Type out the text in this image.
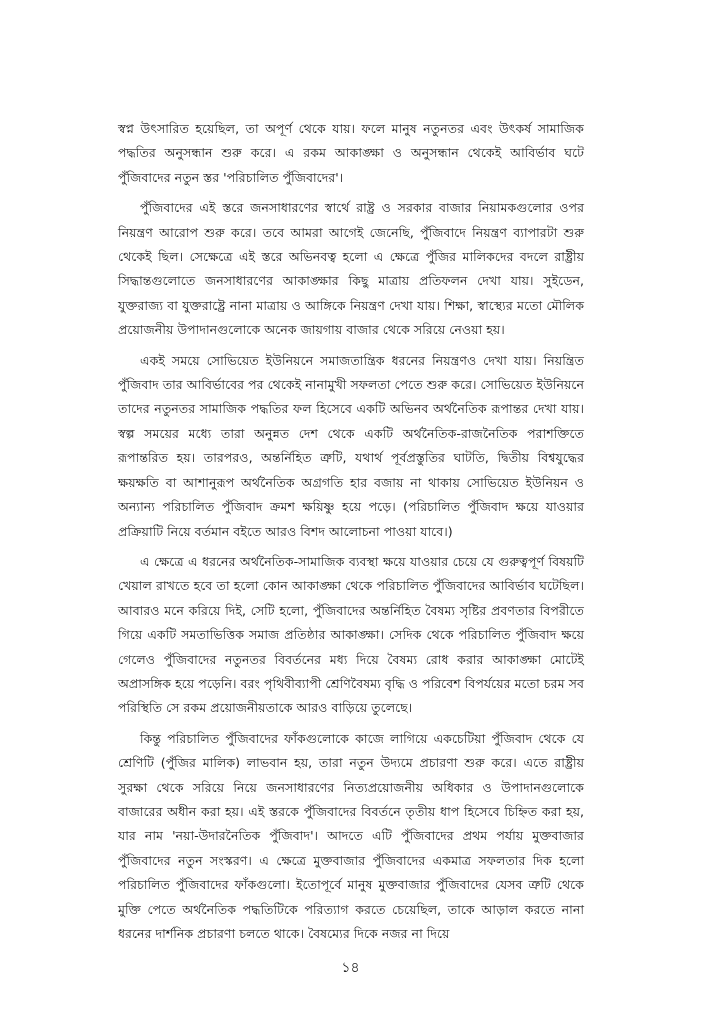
স্বপ্ন উৎসারিত হয়েছিল, তা অপূর্ণ থেকে যায়। ফলে মানুষ নতুনতর এবং উৎকর্ষ সামাজিক পদ্ধতির অনুসন্ধান শুরু করে। এ রকম আকাঙ্ক্ষা ও অনুসন্ধান থেকেই আবির্ভাব ঘটে পুঁজিবাদের নতুন স্তর 'পরিচালিত পুঁজিবাদের'।

পুঁজিবাদের এই স্তরে জনসাধারণের স্বার্থে রাষ্ট্র ও সরকার বাজার নিয়ামকগুলোর ওপর নিয়ন্ত্রণ আরোপ শুরু করে। তবে আমরা আগেই জেনেছি, পুঁজিবাদে নিয়ন্ত্রণ ব্যাপারটা শুরু থেকেই ছিল। সেক্ষেত্রে এই স্তরে অভিনবত্ব হলো এ ক্ষেত্রে পুঁজির মালিকদের বদলে রাষ্ট্রীয় সিদ্ধান্তগুলোতে জনসাধারণের আকাঙ্ক্ষার কিছু মাত্রায় প্রতিফলন দেখা যায়। সুইডেন, যুক্তরাজ্য বা যুক্তরাষ্ট্রে নানা মাত্রায় ও আঙ্গিকে নিয়ন্ত্রণ দেখা যায়। শিক্ষা, স্বাস্থ্যের মতো মৌলিক প্রয়োজনীয় উপাদানগুলোকে অনেক জায়গায় বাজার থেকে সরিয়ে নেওয়া হয়।

একই সময়ে সোভিয়েত ইউনিয়নে সমাজতান্ত্রিক ধরনের নিয়ন্ত্রণও দেখা যায়। নিয়ন্ত্রিত পুঁজিবাদ তার আবির্ভাবের পর থেকেই নানামুখী সফলতা পেতে শুরু করে। সোভিয়েত ইউনিয়নে তাদের নতুনতর সামাজিক পদ্ধতির ফল হিসেবে একটি অভিনব অর্থনৈতিক রূপান্তর দেখা যায়। স্বল্প সময়ের মধ্যে তারা অনুন্নত দেশ থেকে একটি অর্থনৈতিক-রাজনৈতিক পরাশক্তিতে রূপান্তরিত হয়। তারপরও, অন্তর্নিহিত ত্রুটি, যথার্থ পূর্বপ্রস্তুতির ঘাটতি, দ্বিতীয় বিশ্বযুদ্ধের ক্ষয়ক্ষতি বা আশানুরূপ অর্থনৈতিক অগ্রগতি হার বজায় না থাকায় সোভিয়েত ইউনিয়ন ও অন্যান্য পরিচালিত পুঁজিবাদ ক্রমশ ক্ষয়িষ্ণু হয়ে পড়ে। (পরিচালিত পুঁজিবাদ ক্ষয়ে যাওয়ার প্রক্রিয়াটি নিয়ে বর্তমান বইতে আরও বিশদ আলোচনা পাওয়া যাবে।)

এ ক্ষেত্রে এ ধরনের অর্থনৈতিক-সামাজিক ব্যবস্থা ক্ষয়ে যাওয়ার চেয়ে যে গুরুত্বপূর্ণ বিষয়টি খেয়াল রাখতে হবে তা হলো কোন আকাঙ্ক্ষা থেকে পরিচালিত পুঁজিবাদের আবির্ভাব ঘটেছিল। আবারও মনে করিয়ে দিই, সেটি হলো, পুঁজিবাদের অন্তর্নিহিত বৈষম্য সৃষ্টির প্রবণতার বিপরীতে গিয়ে একটি সমতাভিত্তিক সমাজ প্রতিষ্ঠার আকাঙ্ক্ষা। সেদিক থেকে পরিচালিত পুঁজিবাদ ক্ষয়ে গেলেও পুঁজিবাদের নতুনতর বিবর্তনের মধ্য দিয়ে বৈষম্য রোধ করার আকাঙ্ক্ষা মোটেই অপ্রাসঙ্গিক হয়ে পড়েনি। বরং পৃথিবীব্যাপী শ্রেণিবৈষম্য বৃদ্ধি ও পরিবেশ বিপর্যয়ের মতো চরম সব পরিস্থিতি সে রকম প্রয়োজনীয়তাকে আরও বাড়িয়ে তুলেছে।

কিন্তু পরিচালিত পুঁজিবাদের ফাঁকগুলোকে কাজে লাগিয়ে একচেটিয়া পুঁজিবাদ থেকে যে শ্রেণিটি (পুঁজির মালিক) লাভবান হয়, তারা নতুন উদ্যমে প্রচারণা শুরু করে। এতে রাষ্ট্রীয় সুরক্ষা থেকে সরিয়ে নিয়ে জনসাধারণের নিত্যপ্রয়োজনীয় অধিকার ও উপাদানগুলোকে বাজারের অধীন করা হয়। এই স্তরকে পুঁজিবাদের বিবর্তনে তৃতীয় ধাপ হিসেবে চিহ্নিত করা হয়, যার নাম 'নয়া-উদারনৈতিক পুঁজিবাদ'। আদতে এটি পুঁজিবাদের প্রথম পর্যায় মুক্তবাজার পুঁজিবাদের নতুন সংস্করণ। এ ক্ষেত্রে মুক্তবাজার পুঁজিবাদের একমাত্র সফলতার দিক হলো পরিচালিত পুঁজিবাদের ফাঁকগুলো। ইতোপূর্বে মানুষ মুক্তবাজার পুঁজিবাদের যেসব ত্রুটি থেকে মুক্তি পেতে অর্থনৈতিক পদ্ধতিটিকে পরিত্যাগ করতে চেয়েছিল, তাকে আড়াল করতে নানা ধরনের দার্শনিক প্রচারণা চলতে থাকে। বৈষম্যের দিকে নজর না দিয়ে

১৪
